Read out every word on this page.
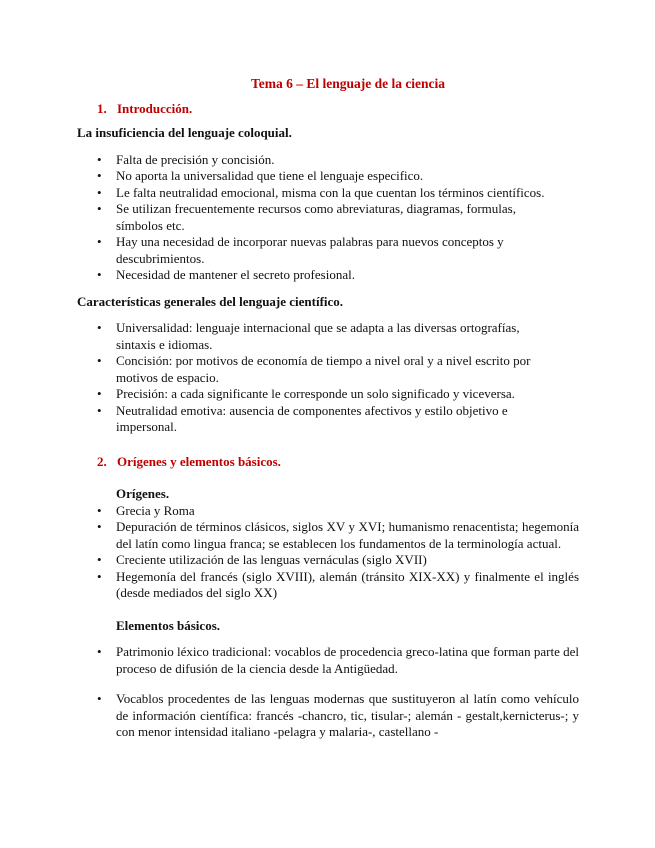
Tema 6 – El lenguaje de la ciencia
1. Introducción.
La insuficiencia del lenguaje coloquial.
• Falta de precisión y concisión.
• No aporta la universalidad que tiene el lenguaje especifico.
• Le falta neutralidad emocional, misma con la que cuentan los términos científicos.
• Se utilizan frecuentemente recursos como abreviaturas, diagramas, formulas, símbolos etc.
• Hay una necesidad de incorporar nuevas palabras para nuevos conceptos y descubrimientos.
• Necesidad de mantener el secreto profesional.
Características generales del lenguaje científico.
• Universalidad: lenguaje internacional que se adapta a las diversas ortografías, sintaxis e idiomas.
• Concisión: por motivos de economía de tiempo a nivel oral y a nivel escrito por motivos de espacio.
• Precisión: a cada significante le corresponde un solo significado y viceversa.
• Neutralidad emotiva: ausencia de componentes afectivos y estilo objetivo e impersonal.
2. Orígenes y elementos básicos.
Orígenes.
• Grecia y Roma
• Depuración de términos clásicos, siglos XV y XVI; humanismo renacentista; hegemonía del latín como lingua franca; se establecen los fundamentos de la terminología actual.
• Creciente utilización de las lenguas vernáculas (siglo XVII)
• Hegemonía del francés (siglo XVIII), alemán (tránsito XIX-XX) y finalmente el inglés (desde mediados del siglo XX)
Elementos básicos.
• Patrimonio léxico tradicional: vocablos de procedencia greco-latina que forman parte del proceso de difusión de la ciencia desde la Antigüedad.
• Vocablos procedentes de las lenguas modernas que sustituyeron al latín como vehículo de información científica: francés -chancro, tic, tisular-; alemán - gestalt,kernicterus-; y con menor intensidad italiano -pelagra y malaria-, castellano -
